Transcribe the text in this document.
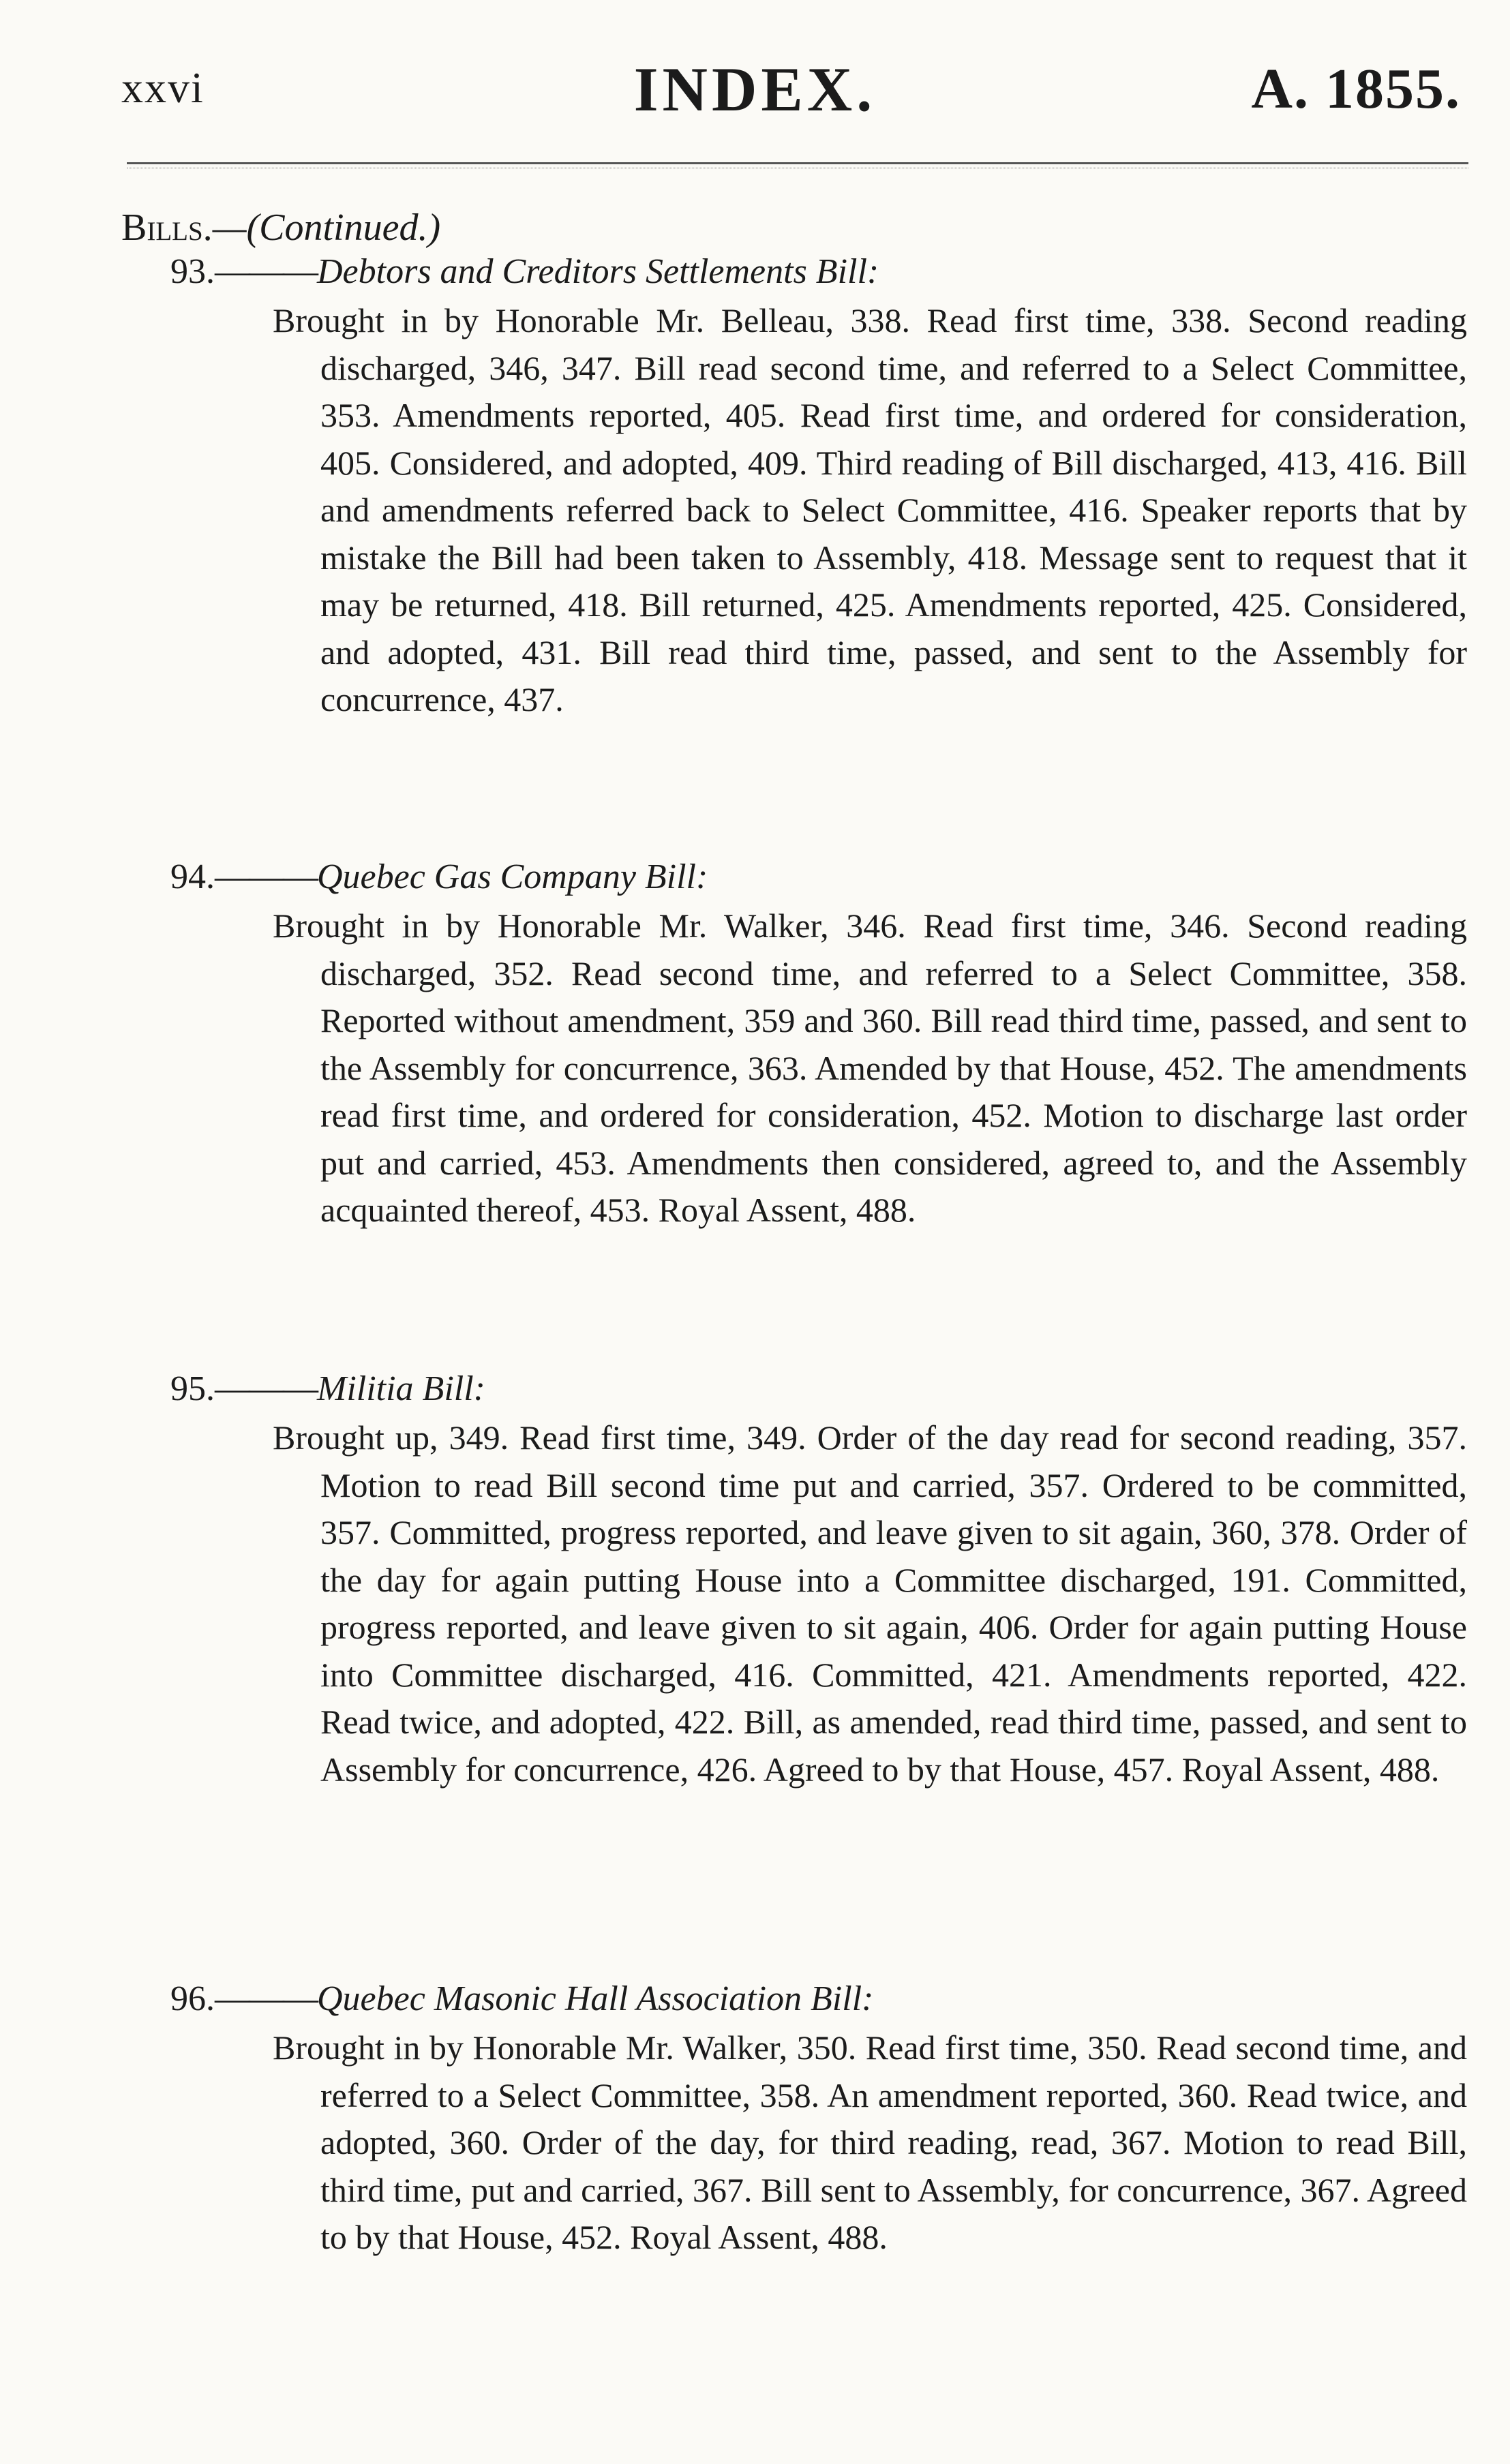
xxvi	INDEX.	A. 1855.
Bills.—(Continued.)
93.———Debtors and Creditors Settlements Bill:
Brought in by Honorable Mr. Belleau, 338. Read first time, 338. Second reading discharged, 346, 347. Bill read second time, and referred to a Select Committee, 353. Amendments reported, 405. Read first time, and ordered for consideration, 405. Considered, and adopted, 409. Third reading of Bill discharged, 413, 416. Bill and amendments referred back to Select Committee, 416. Speaker reports that by mistake the Bill had been taken to Assembly, 418. Message sent to request that it may be returned, 418. Bill returned, 425. Amendments reported, 425. Considered, and adopted, 431. Bill read third time, passed, and sent to the Assembly for concurrence, 437.
94.———Quebec Gas Company Bill:
Brought in by Honorable Mr. Walker, 346. Read first time, 346. Second reading discharged, 352. Read second time, and referred to a Select Committee, 358. Reported without amendment, 359 and 360. Bill read third time, passed, and sent to the Assembly for concurrence, 363. Amended by that House, 452. The amendments read first time, and ordered for consideration, 452. Motion to discharge last order put and carried, 453. Amendments then considered, agreed to, and the Assembly acquainted thereof, 453. Royal Assent, 488.
95.———Militia Bill:
Brought up, 349. Read first time, 349. Order of the day read for second reading, 357. Motion to read Bill second time put and carried, 357. Ordered to be committed, 357. Committed, progress reported, and leave given to sit again, 360, 378. Order of the day for again putting House into a Committee discharged, 191. Committed, progress reported, and leave given to sit again, 406. Order for again putting House into Committee discharged, 416. Committed, 421. Amendments reported, 422. Read twice, and adopted, 422. Bill, as amended, read third time, passed, and sent to Assembly for concurrence, 426. Agreed to by that House, 457. Royal Assent, 488.
96.———Quebec Masonic Hall Association Bill:
Brought in by Honorable Mr. Walker, 350. Read first time, 350. Read second time, and referred to a Select Committee, 358. An amendment reported, 360. Read twice, and adopted, 360. Order of the day, for third reading, read, 367. Motion to read Bill, third time, put and carried, 367. Bill sent to Assembly, for concurrence, 367. Agreed to by that House, 452. Royal Assent, 488.
